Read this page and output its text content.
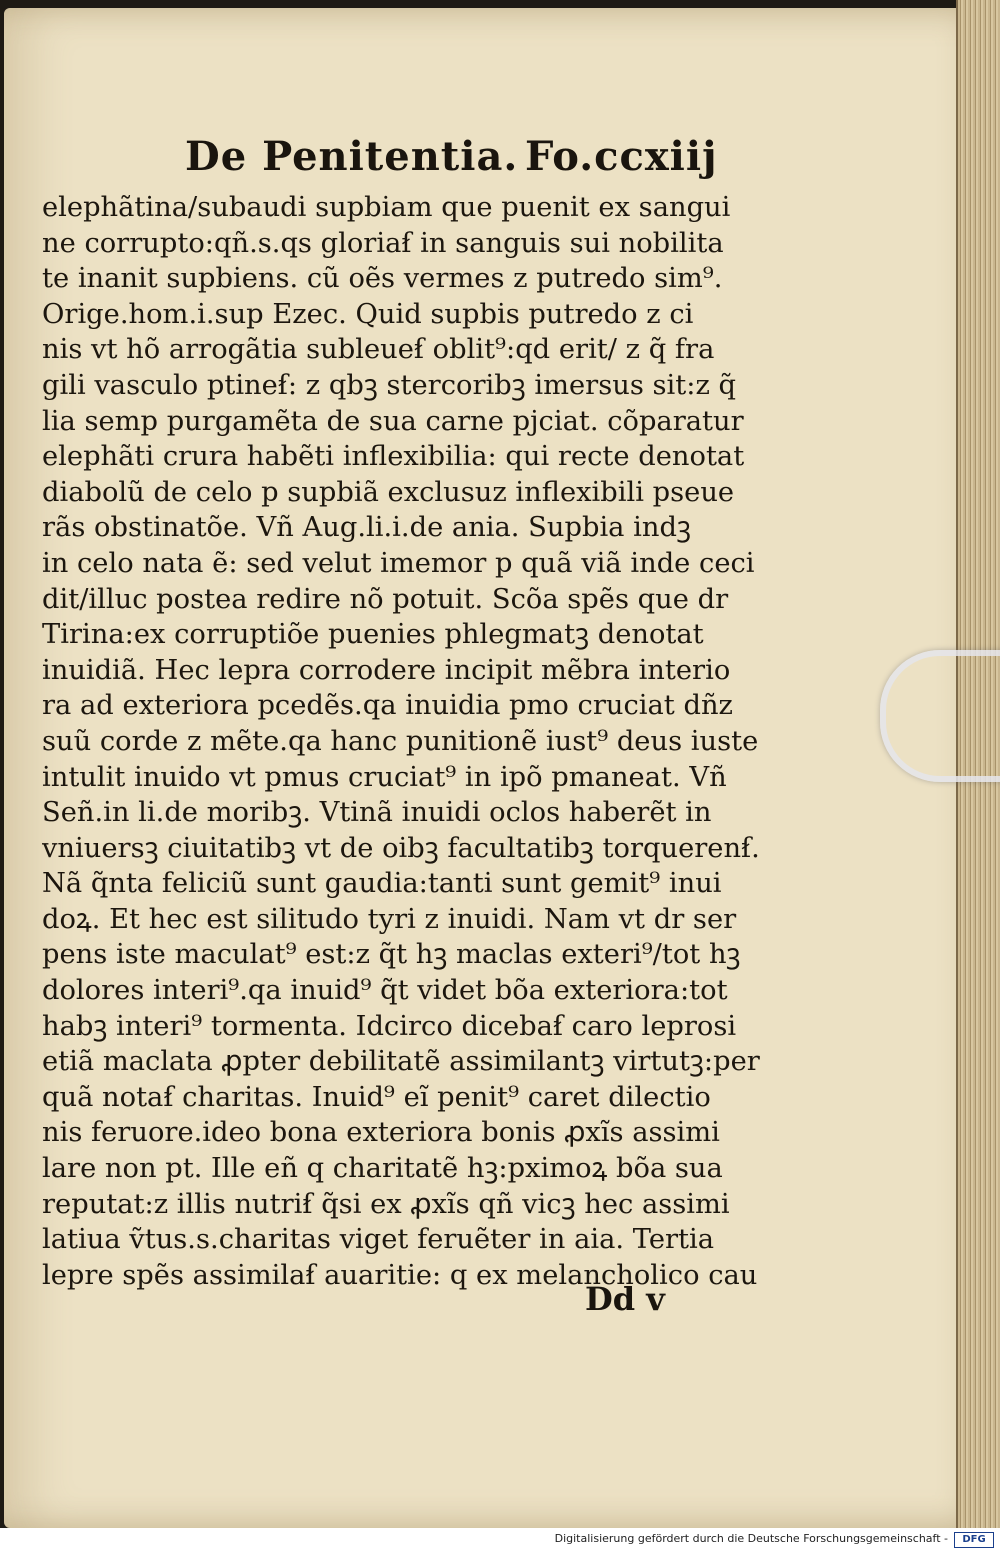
De Penitentia. Fo.ccxiij
elephãtina/subaudi supbiam que puenit ex sangui
ne corrupto:qñ.s.qs gloriaẜ in sanguis sui nobilita
te inanit supbiens. cũ oẽs vermes z putredo sim⁹.
Orige.hom.i.sup Ezec. Quid supbis putredo z ci
nis vt hõ arrogãtia subleueẜ oblit⁹:qd erit/ z q̃ fra
gili vasculo ptineẜ: z qbꝫ stercoribꝫ imersus sit:z q̃
lia semp purgamẽta de sua carne pjciat. cõparatur
elephãti crura habẽti inflexibilia: qui recte denotat
diabolũ de celo p supbiã exclusuz inflexibili pseue
rãs obstinatõe. Vñ Aug.li.i.de ania. Supbia indꝫ
in celo nata ẽ: sed velut imemor p quã viã inde ceci
dit/illuc postea redire nõ potuit. Scõa spẽs que dr
Tirina:ex corruptiõe puenies phlegmatꝫ denotat
inuidiã. Hec lepra corrodere incipit mẽbra interio
ra ad exteriora pcedẽs.qa inuidia pmo cruciat dñz
suũ corde z mẽte.qa hanc punitionẽ iust⁹ deus iuste
intulit inuido vt pmus cruciat⁹ in ipõ pmaneat. Vñ
Señ.in li.de moribꝫ. Vtinã inuidi oclos haberẽt in
vniuersꝫ ciuitatibꝫ vt de oibꝫ facultatibꝫ torquerenẜ.
Nã q̃nta feliciũ sunt gaudia:tanti sunt gemit⁹ inui
doꝝ. Et hec est silitudo tyri z inuidi. Nam vt dr ser
pens iste maculat⁹ est:z q̃t hꝫ maclas exteri⁹/tot hꝫ
dolores interi⁹.qa inuid⁹ q̃t videt bõa exteriora:tot
habꝫ interi⁹ tormenta. Idcirco dicebaẜ caro leprosi
etiã maclata ꝓpter debilitatẽ assimilantꝫ virtutꝫ:per
quã notaẜ charitas. Inuid⁹ eĩ penit⁹ caret dilectio
nis feruore.ideo bona exteriora bonis ꝓxĩs assimi
lare non pt. Ille eñ q charitatẽ hꝫ:pximoꝝ bõa sua
reputat:z illis nutriẜ q̃si ex ꝓxĩs qñ vicꝫ hec assimi
latiua ṽtus.s.charitas viget feruẽter in aia. Tertia
lepre spẽs assimilaẜ auaritie: q ex melancholico cau
Dd v
Digitalisierung gefördert durch die Deutsche Forschungsgemeinschaft -	DFG
